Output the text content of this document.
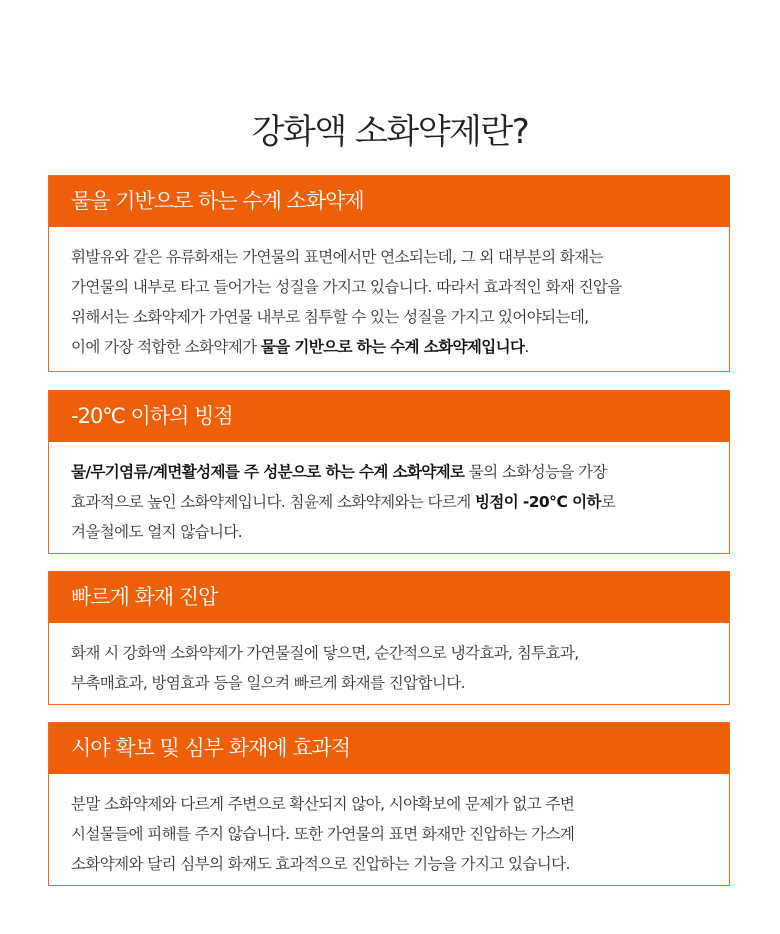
강화액 소화약제란?
물을 기반으로 하는 수계 소화약제

휘발유와 같은 유류화재는 가연물의 표면에서만 연소되는데, 그 외 대부분의 화재는

가연물의 내부로 타고 들어가는 성질을 가지고 있습니다. 따라서 효과적인 화재 진압을

위해서는 소화약제가 가연물 내부로 침투할 수 있는 성질을 가지고 있어야되는데,

이에 가장 적합한 소화약제가 물을 기반으로 하는 수계 소화약제입니다.

-20℃ 이하의 빙점

물/무기염류/계면활성제를 주 성분으로 하는 수계 소화약제로 물의 소화성능을 가장

효과적으로 높인 소화약제입니다. 침윤제 소화약제와는 다르게 빙점이 -20℃ 이하로

겨울철에도 얼지 않습니다.

빠르게 화재 진압

화재 시 강화액 소화약제가 가연물질에 닿으면, 순간적으로 냉각효과, 침투효과,

부촉매효과, 방염효과 등을 일으켜 빠르게 화재를 진압합니다.

시야 확보 및 심부 화재에 효과적

분말 소화약제와 다르게 주변으로 확산되지 않아, 시야확보에 문제가 없고 주변

시설물들에 피해를 주지 않습니다. 또한 가연물의 표면 화재만 진압하는 가스계

소화약제와 달리 심부의 화재도 효과적으로 진압하는 기능을 가지고 있습니다.
